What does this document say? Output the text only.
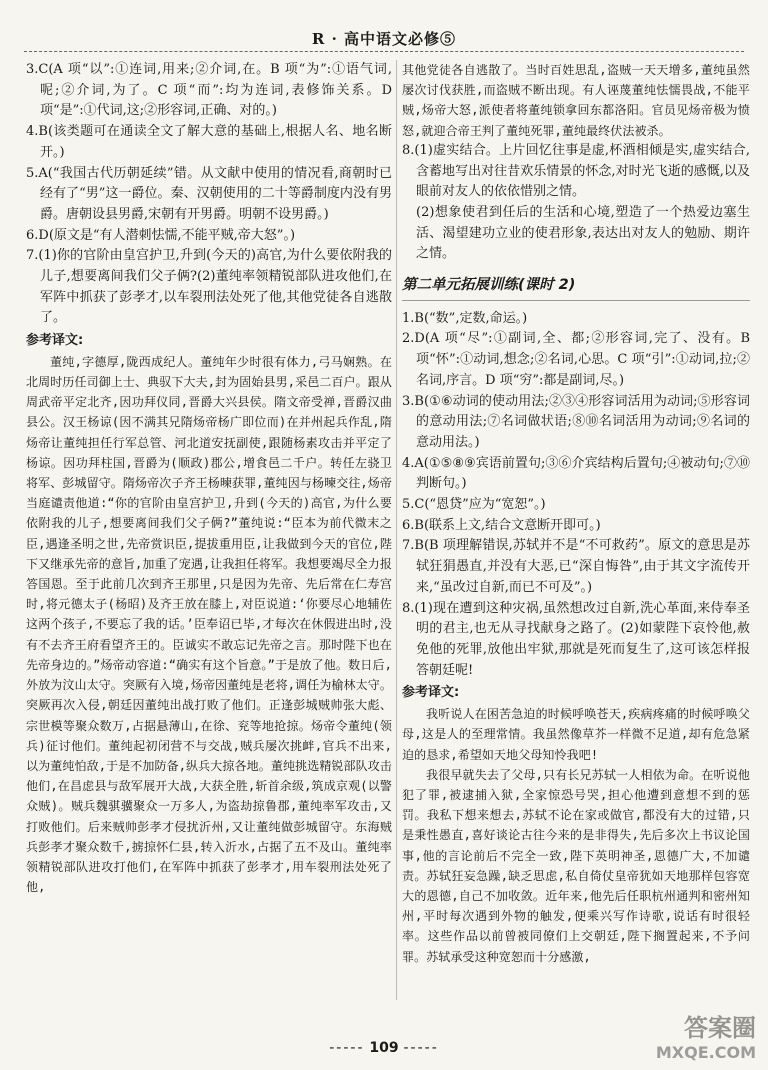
R · 高中语文必修⑤

3.C(A 项“以”:①连词,用来;②介词,在。B 项“为”:①语气词,呢;②介词,为了。C 项“而”:均为连词,表修饰关系。D 项“是”:①代词,这;②形容词,正确、对的。)

4.B(该类题可在通读全文了解大意的基础上,根据人名、地名断开。)

5.A(“我国古代历朝延续”错。从文献中使用的情况看,商朝时已经有了“男”这一爵位。秦、汉朝使用的二十等爵制度内没有男爵。唐朝设县男爵,宋朝有开男爵。明朝不设男爵。)

6.D(原文是“有人潜刺怯懦,不能平贼,帝大怒”。)

7.(1)你的官阶由皇宫护卫,升到(今天的)高官,为什么要依附我的儿子,想要离间我们父子俩?(2)董纯率领精锐部队进攻他们,在军阵中抓获了彭孝才,以车裂刑法处死了他,其他党徒各自逃散了。

参考译文:

董纯,字德厚,陇西成纪人。董纯年少时很有体力,弓马娴熟。在北周时历任司御上士、典驭下大夫,封为固始县男,采邑二百户。跟从周武帝平定北齐,因功拜仪同,晋爵大兴县侯。隋文帝受禅,晋爵汉曲县公。汉王杨谅(因不满其兄隋炀帝杨广即位而)在并州起兵作乱,隋炀帝让董纯担任行军总管、河北道安抚副使,跟随杨素攻击并平定了杨谅。因功拜柱国,晋爵为(顺政)郡公,增食邑二千户。转任左骁卫将军、彭城留守。隋炀帝次子齐王杨暕获罪,董纯因与杨暕交往,炀帝当庭谴责他道:“你的官阶由皇宫护卫,升到(今天的)高官,为什么要依附我的儿子,想要离间我们父子俩?”董纯说:“臣本为前代微末之臣,遇逢圣明之世,先帝赏识臣,提拔重用臣,让我做到今天的官位,陛下又继承先帝的意旨,加重了宠遇,让我担任将军。我想要竭尽全力报答国恩。至于此前几次到齐王那里,只是因为先帝、先后常在仁寿宫时,将元德太子(杨昭)及齐王放在膝上,对臣说道:‘你要尽心地辅佐这两个孩子,不要忘了我的话。’臣奉诏已毕,才每次在休假进出时,没有不去齐王府看望齐王的。臣诚实不敢忘记先帝之言。那时陛下也在先帝身边的。”炀帝动容道:“确实有这个旨意。”于是放了他。数日后,外放为汶山太守。突厥有入境,炀帝因董纯是老将,调任为榆林太守。突厥再次入侵,朝廷因董纯出战打败了他们。正逢彭城贼帅张大彪、宗世模等聚众数万,占据悬薄山,在徐、兖等地抢掠。炀帝令董纯(领兵)征讨他们。董纯起初闭营不与交战,贼兵屡次挑衅,官兵不出来,以为董纯怕敌,于是不加防备,纵兵大掠各地。董纯挑选精锐部队攻击他们,在昌虑县与敌军展开大战,大获全胜,斩首余级,筑成京观(以警众贼)。贼兵魏骐骥聚众一万多人,为盗劫掠鲁郡,董纯率军攻击,又打败他们。后来贼帅彭孝才侵扰沂州,又让董纯做彭城留守。东海贼兵彭孝才聚众数千,掳掠怀仁县,转入沂水,占据了五不及山。董纯率领精锐部队进攻打他们,在军阵中抓获了彭孝才,用车裂刑法处死了他,

其他党徒各自逃散了。当时百姓思乱,盗贼一天天增多,董纯虽然屡次讨伐获胜,而盗贼不断出现。有人诬蔑董纯怯懦畏战,不能平贼,炀帝大怒,派使者将董纯锁拿回东都洛阳。官员见炀帝极为愤怒,就迎合帝王判了董纯死罪,董纯最终伏法被杀。

8.(1)虚实结合。上片回忆往事是虚,杯酒相倾是实,虚实结合,含蓄地写出对往昔欢乐情景的怀念,对时光飞逝的感慨,以及眼前对友人的依依惜别之情。

(2)想象使君到任后的生活和心境,塑造了一个热爱边塞生活、渴望建功立业的使君形象,表达出对友人的勉励、期许之情。

第二单元拓展训练(课时 2)

1.B(“数”,定数,命运。)

2.D(A 项“尽”:①副词,全、都;②形容词,完了、没有。B 项“怀”:①动词,想念;②名词,心思。C 项“引”:①动词,拉;②名词,序言。D 项“穷”:都是副词,尽。)

3.B(①⑥动词的使动用法;②③④形容词活用为动词;⑤形容词的意动用法;⑦名词做状语;⑧⑩名词活用为动词;⑨名词的意动用法。)

4.A(①⑤⑧⑨宾语前置句;③⑥介宾结构后置句;④被动句;⑦⑩判断句。)

5.C(“恩贷”应为“宽恕”。)

6.B(联系上文,结合文意断开即可。)

7.B(B 项理解错误,苏轼并不是“不可救药”。原文的意思是苏轼狂狷愚直,并没有大恶,已“深自悔咎”,由于其文字流传开来,“虽改过自新,而已不可及”。)

8.(1)现在遭到这种灾祸,虽然想改过自新,洗心革面,来侍奉圣明的君主,也无从寻找献身之路了。(2)如蒙陛下哀怜他,赦免他的死罪,放他出牢狱,那就是死而复生了,这可该怎样报答朝廷呢!

参考译文:

我听说人在困苦急迫的时候呼唤苍天,疾病疼痛的时候呼唤父母,这是人的至理常情。我虽然像草芥一样微不足道,却有危急紧迫的恳求,希望如天地父母知怜我吧!

我很早就失去了父母,只有长兄苏轼一人相依为命。在听说他犯了罪,被逮捕入狱,全家惊恐号哭,担心他遭到意想不到的惩罚。我私下想来想去,苏轼不论在家或做官,都没有大的过错,只是秉性愚直,喜好谈论古往今来的是非得失,先后多次上书议论国事,他的言论前后不完全一致,陛下英明神圣,恩德广大,不加谴责。苏轼狂妄急躁,缺乏思虑,私自倚仗皇帝犹如天地那样包容宽大的恩德,自己不加收敛。近年来,他先后任职杭州通判和密州知州,平时每次遇到外物的触发,便乘兴写作诗歌,说话有时很轻率。这些作品以前曾被同僚们上交朝廷,陛下搁置起来,不予问罪。苏轼承受这种宽恕而十分感激,

----- 109 -----
答案圈
MXQE.COM
